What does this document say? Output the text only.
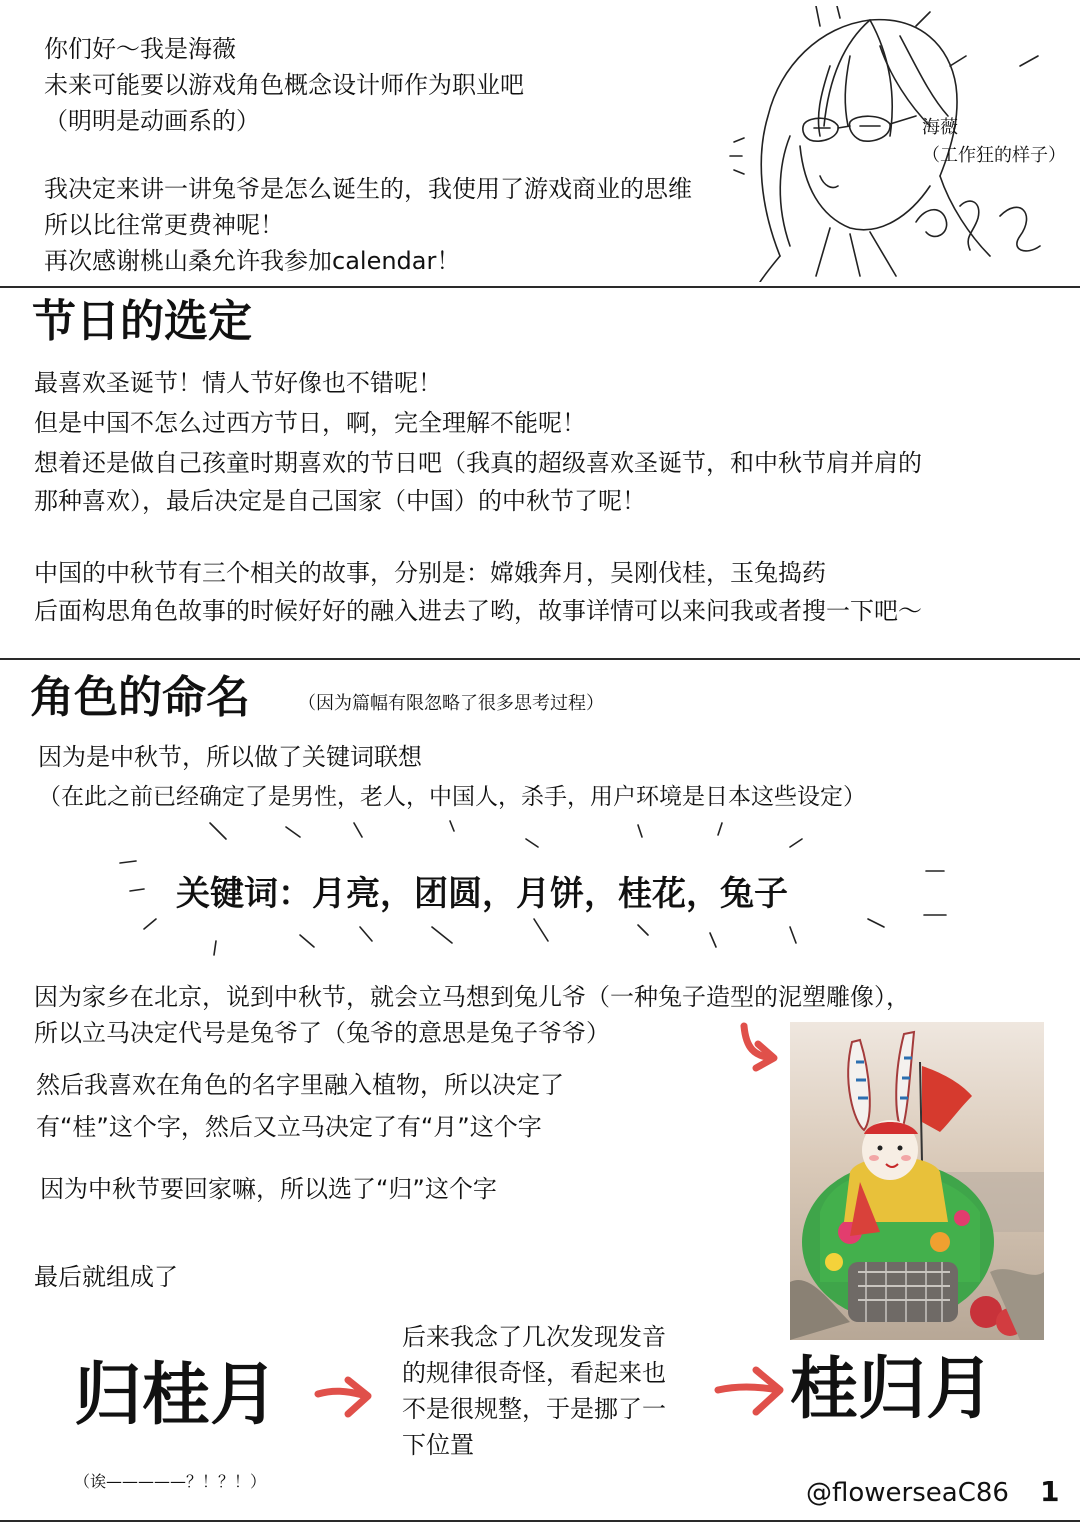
你们好～我是海薇
未来可能要以游戏角色概念设计师作为职业吧
（明明是动画系的）
我决定来讲一讲兔爷是怎么诞生的，我使用了游戏商业的思维
所以比往常更费神呢！
再次感谢桃山桑允许我参加calendar！
海薇
（工作狂的样子）
节日的选定
最喜欢圣诞节！情人节好像也不错呢！
但是中国不怎么过西方节日，啊，完全理解不能呢！
想着还是做自己孩童时期喜欢的节日吧（我真的超级喜欢圣诞节，和中秋节肩并肩的
那种喜欢），最后决定是自己国家（中国）的中秋节了呢！
中国的中秋节有三个相关的故事，分别是：嫦娥奔月，吴刚伐桂，玉兔捣药
后面构思角色故事的时候好好的融入进去了哟，故事详情可以来问我或者搜一下吧～
角色的命名	（因为篇幅有限忽略了很多思考过程）
因为是中秋节，所以做了关键词联想
（在此之前已经确定了是男性，老人，中国人，杀手，用户环境是日本这些设定）
关键词：月亮，团圆，月饼，桂花，兔子
因为家乡在北京，说到中秋节，就会立马想到兔儿爷（一种兔子造型的泥塑雕像），
所以立马决定代号是兔爷了（兔爷的意思是兔子爷爷）
然后我喜欢在角色的名字里融入植物，所以决定了
有“桂”这个字，然后又立马决定了有“月”这个字
因为中秋节要回家嘛，所以选了“归”这个字
最后就组成了
归桂月
后来我念了几次发现发音
的规律很奇怪，看起来也
不是很规整，于是挪了一
下位置
桂归月
（诶—————？！？！）	@flowerseaC86 1
